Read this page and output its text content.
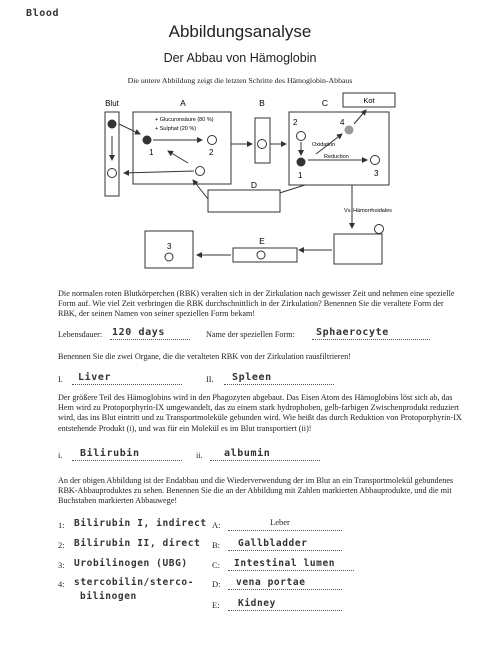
Blood
Abbildungsanalyse
Der Abbau von Hämoglobin
Die untere Abbildung zeigt die letzten Schritte des Hämoglobin-Abbaus
Blut	A	B	C
+ Glucuronsäure (80 %)
+ Sulphat (20 %)
1	2
Kot
2
1
4
Oxidation
Reduction
3
D
Vv. Hämorrhoidales
E
3
Die normalen roten Blutkörperchen (RBK) veralten sich in der Zirkulation nach gewisser Zeit und nehmen eine spezielle Form auf. Wie viel Zeit verbringen die RBK durchschnittlich in der Zirkulation? Benennen Sie die veraltete Form der RBK, der seinen Namen von seiner speziellen Form bekam!
Lebensdauer: 120 days	Name der speziellen Form: Sphaerocyte
Benennen Sie die zwei Organe, die die veralteten RBK von der Zirkulation rausfiltrieren!
I. Liver	II. Spleen
Der größere Teil des Hämoglobins wird in den Phagozyten abgebaut. Das Eisen Atom des Hämoglobins löst sich ab, das Hem wird zu Protoporphyrin-IX umgewandelt, das zu einem stark hydrophoben, gelb-farbigen Zwischenprodukt reduziert wird, das ins Blut eintritt und zu Transportmoleküle gebunden wird. Wie heißt das durch Reduktion von Protoporphyrin-IX entstehende Produkt (i), und was für ein Molekül es im Blut transportiert (ii)!
i. Bilirubin	ii. albumin
An der obigen Abbildung ist der Endabbau und die Wiederverwendung der im Blut an ein Transportmolekül gebundenes RBK-Abbauproduktes zu sehen. Benennen Sie die an der Abbildung mit Zahlen markierten Abbauprodukte, und die mit Buchstaben markierten Abbauwege!
1: Bilirubin I, indirect
2: Bilirubin II, direct
3: Urobilinogen (UBG)
4: stercobilin/sterco-
bilinogen
A:	Leber
B: Gallbladder
C: Intestinal lumen
D: vena portae
E: Kidney
